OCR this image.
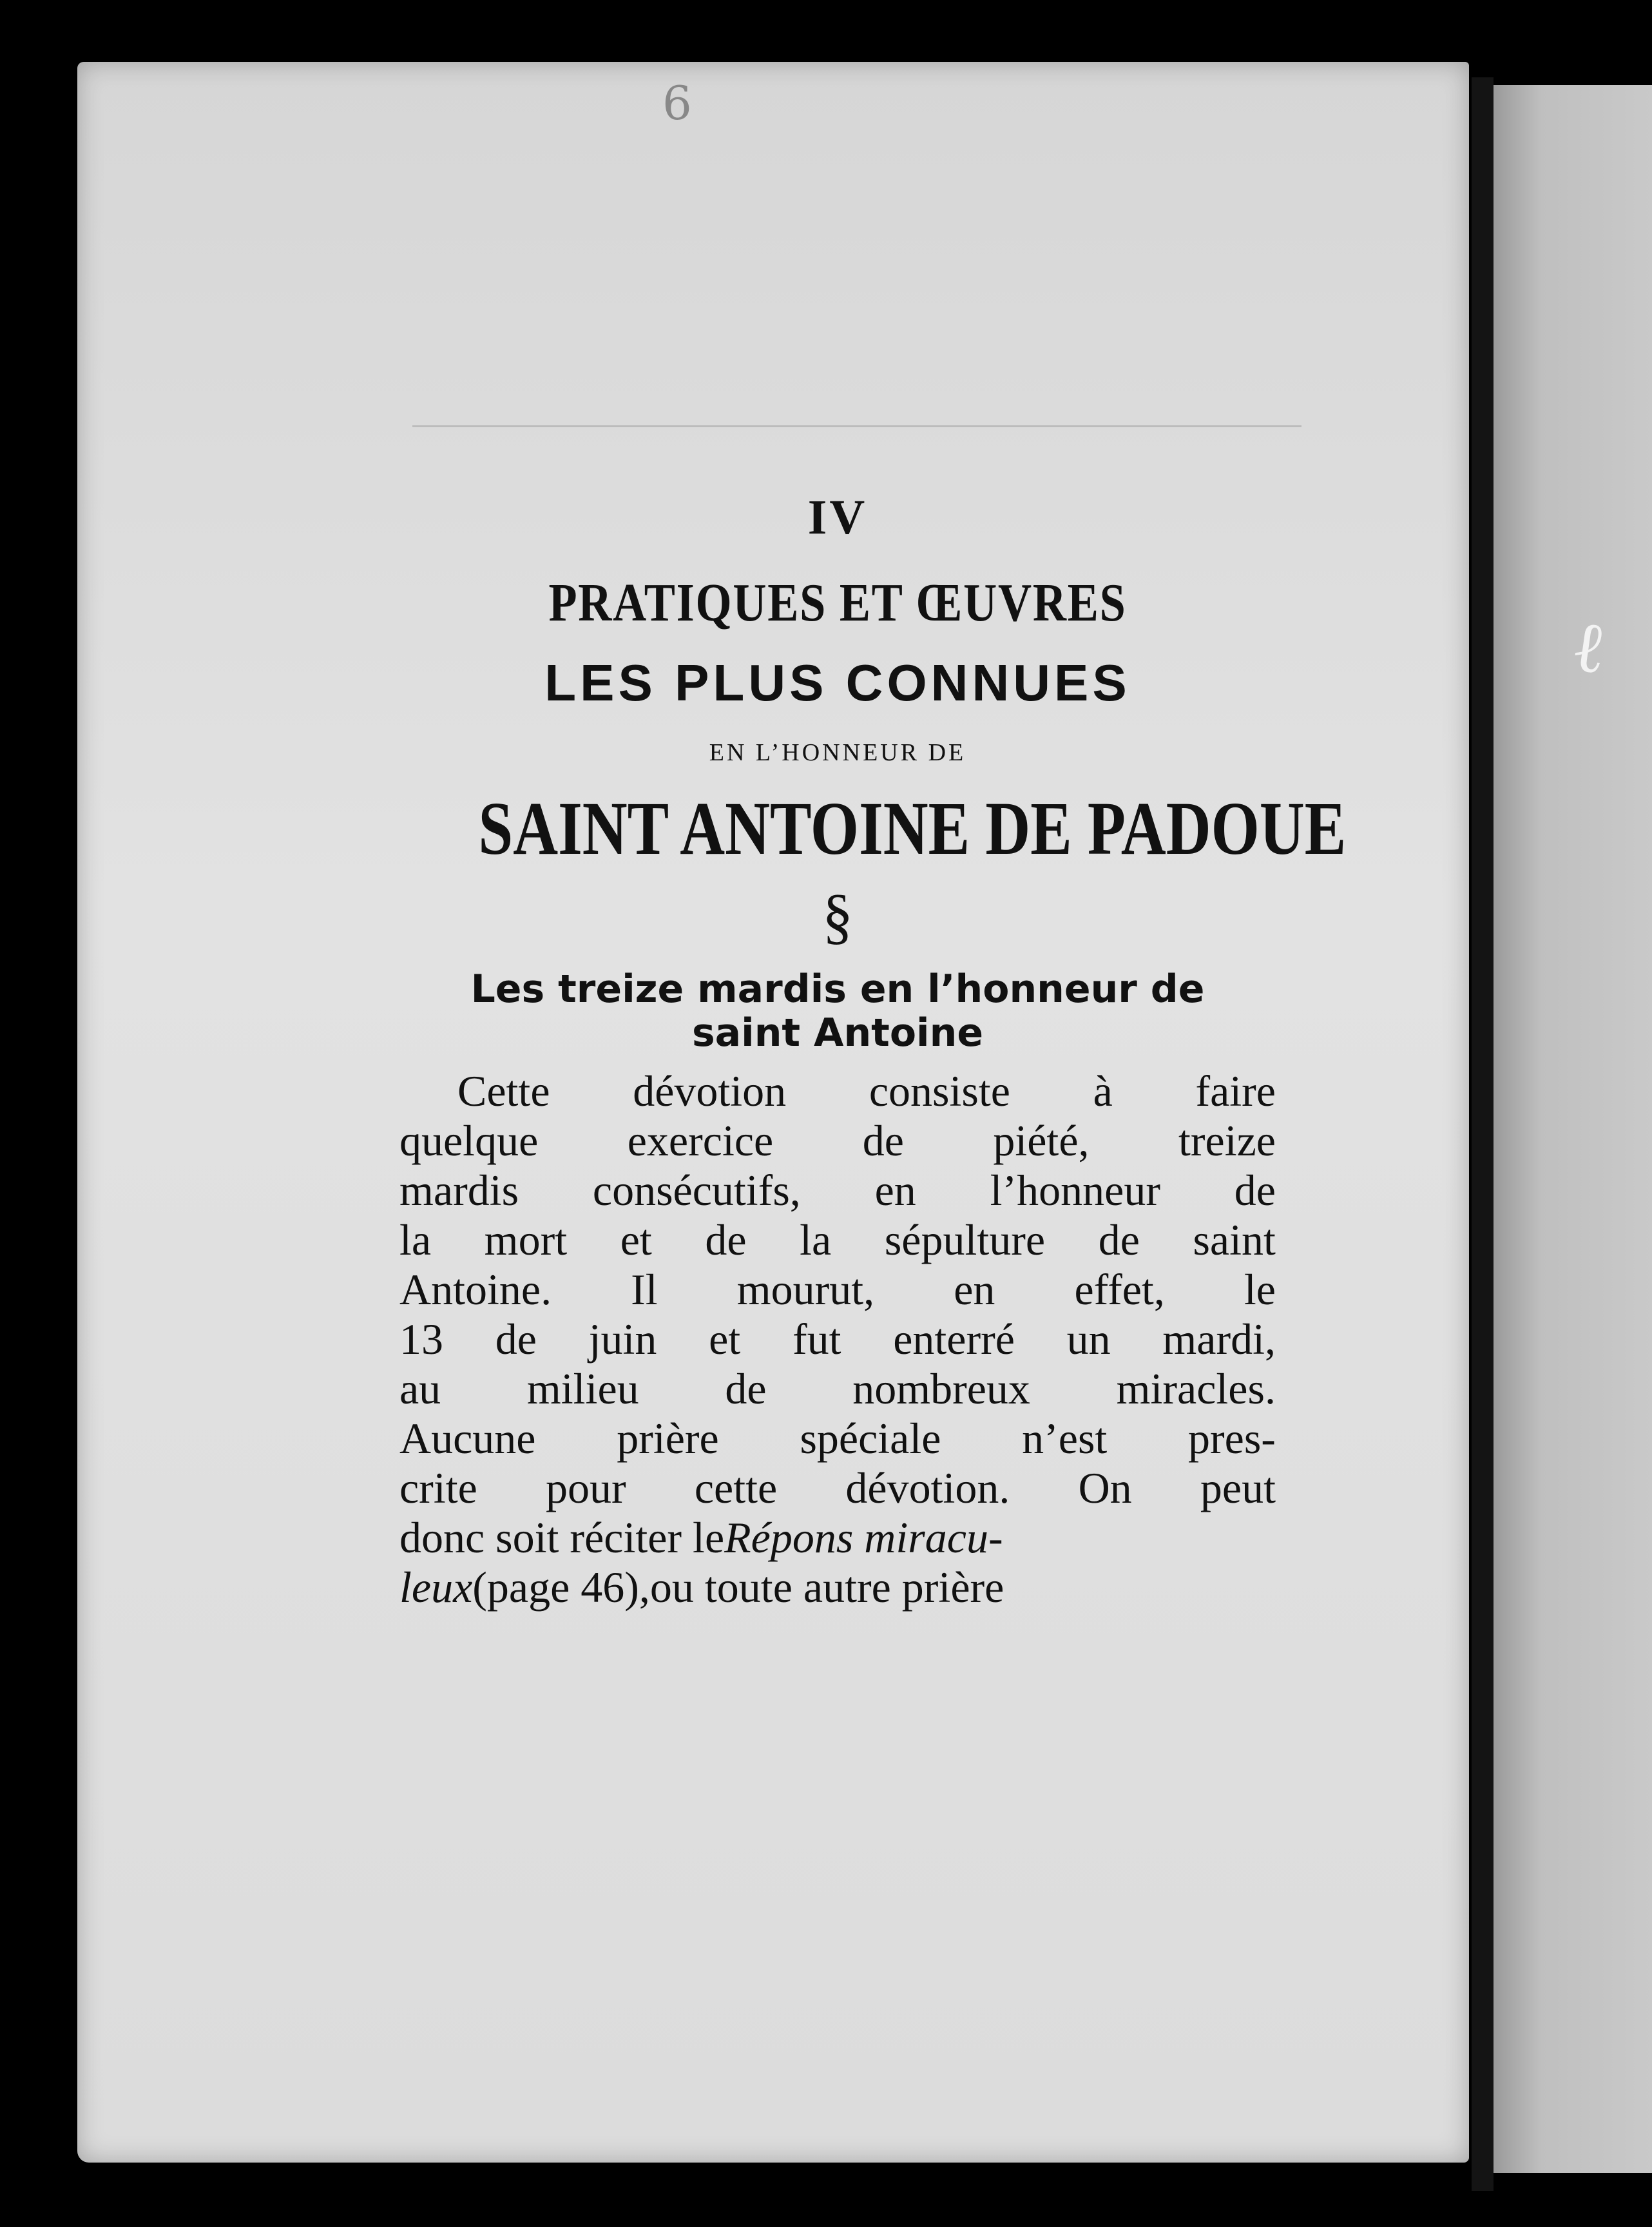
ℓ
6
IV
PRATIQUES ET ŒUVRES
LES PLUS CONNUES
EN L’HONNEUR DE
SAINT ANTOINE DE PADOUE
§
Les treize mardis en l’honneur de
saint Antoine
Cette dévotion consiste à faire
quelque exercice de piété, treize
mardis consécutifs, en l’honneur de
la mort et de la sépulture de saint
Antoine. Il mourut, en effet, le
13 de juin et fut enterré un mardi,
au milieu de nombreux miracles.
Aucune prière spéciale n’est pres-
crite pour cette dévotion. On peut
donc soit réciter le Répons miracu-
leux (page 46),ou toute autre prière
